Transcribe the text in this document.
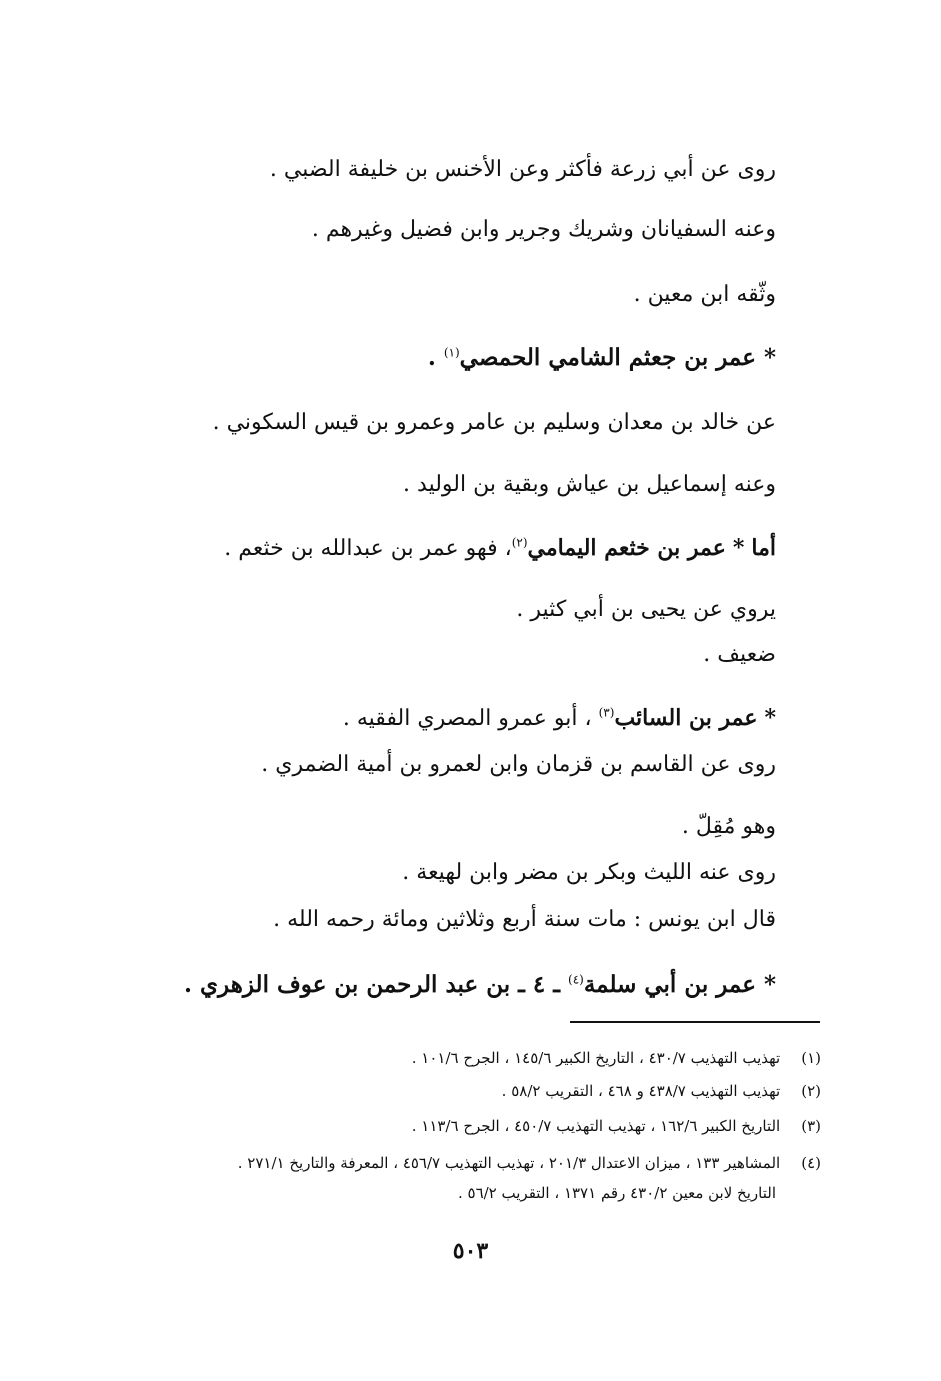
روى عن أبي زرعة فأكثر وعن الأخنس بن خليفة الضبي .
وعنه السفيانان وشريك وجرير وابن فضيل وغيرهم .
وثّقه ابن معين .
* عمر بن جعثم الشامي الحمصي$^{(١)}$ .
عن خالد بن معدان وسليم بن عامر وعمرو بن قيس السكوني .
وعنه إسماعيل بن عياش وبقية بن الوليد .
أما * عمر بن خثعم اليمامي$^{(٢)}$، فهو عمر بن عبدالله بن خثعم .
يروي عن يحيى بن أبي كثير .
ضعيف .
* عمر بن السائب$^{(٣)}$ ، أبو عمرو المصري الفقيه .
روى عن القاسم بن قزمان وابن لعمرو بن أمية الضمري .
وهو مُقِلّ .
روى عنه الليث وبكر بن مضر وابن لهيعة .
قال ابن يونس : مات سنة أربع وثلاثين ومائة رحمه الله .
* عمر بن أبي سلمة$^{(٤)}$ ـ ٤ ـ بن عبد الرحمن بن عوف الزهري .
(١) تهذيب التهذيب ٤٣٠/٧ ، التاريخ الكبير ١٤٥/٦ ، الجرح ١٠١/٦ .
(٢) تهذيب التهذيب ٤٣٨/٧ و ٤٦٨ ، التقريب ٥٨/٢ .
(٣) التاريخ الكبير ١٦٢/٦ ، تهذيب التهذيب ٤٥٠/٧ ، الجرح ١١٣/٦ .
(٤) المشاهير ١٣٣ ، ميزان الاعتدال ٢٠١/٣ ، تهذيب التهذيب ٤٥٦/٧ ، المعرفة والتاريخ ٢٧١/١ .
التاريخ لابن معين ٤٣٠/٢ رقم ١٣٧١ ، التقريب ٥٦/٢ .
٥٠٣
